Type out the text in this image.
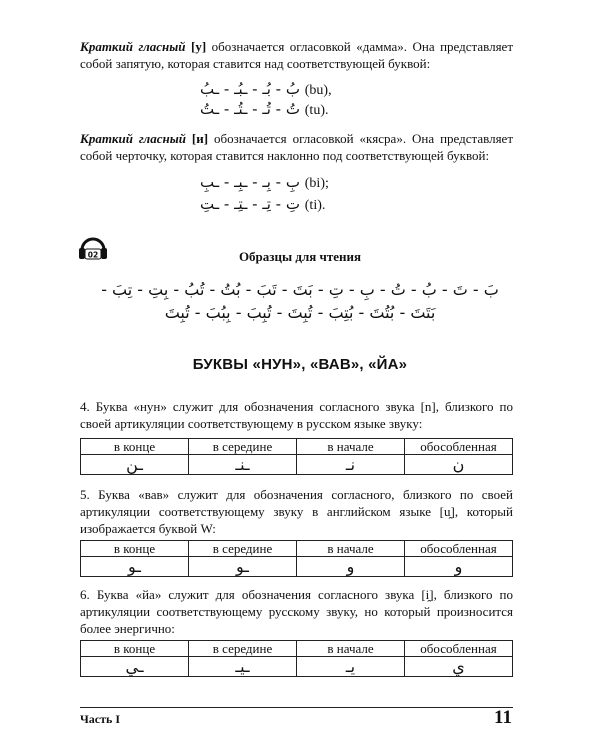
Краткий гласный [у] обозначается огласовкой «дамма». Она представляет собой запятую, которая ставится над соответствующей буквой:

بُ - بُـ - ـبُـ - ـبُ (bu),
تُ - تُـ - ـتُـ - ـتُ (tu).

Краткий гласный [и] обозначается огласовкой «кясра». Она представляет собой черточку, которая ставится наклонно под соответствующей буквой:

بِ - بِـ - ـبِـ - ـبِ (bi);
تِ - تِـ - ـتِـ - ـتِ (ti).
02	Образцы для чтения
بَ - تَ - بُ - تُ - بِ - تِ - بَتَ - تَبَ - بُتُ - تُبُ - بِتِ - تِبَ -
بَتَتَ - بُتُتَ - بُتِبَ - تُبِتَ - تُبِبَ - بِبُبَ - تُبِتَ
БУКВЫ «НУН», «ВАВ», «ЙА»

4. Буква «нун» служит для обозначения согласного звука [n], близкого по своей артикуляции соответствующему в русском языке звуку:

в конце	в середине	в начале	обособленная
ـن	ـنـ	نـ	ن

5. Буква «вав» служит для обозначения согласного, близкого по своей артикуляции соответствующему звуку в английском языке [u̯], который изображается буквой W:

в конце	в середине	в начале	обособленная
ـو	ـو	و	و

6. Буква «йа» служит для обозначения согласного звука [i̯], близкого по артикуляции соответствующему русскому звуку, но который произносится более энергично:

в конце	в середине	в начале	обособленная
ـي	ـيـ	يـ	ي
Часть I	11
